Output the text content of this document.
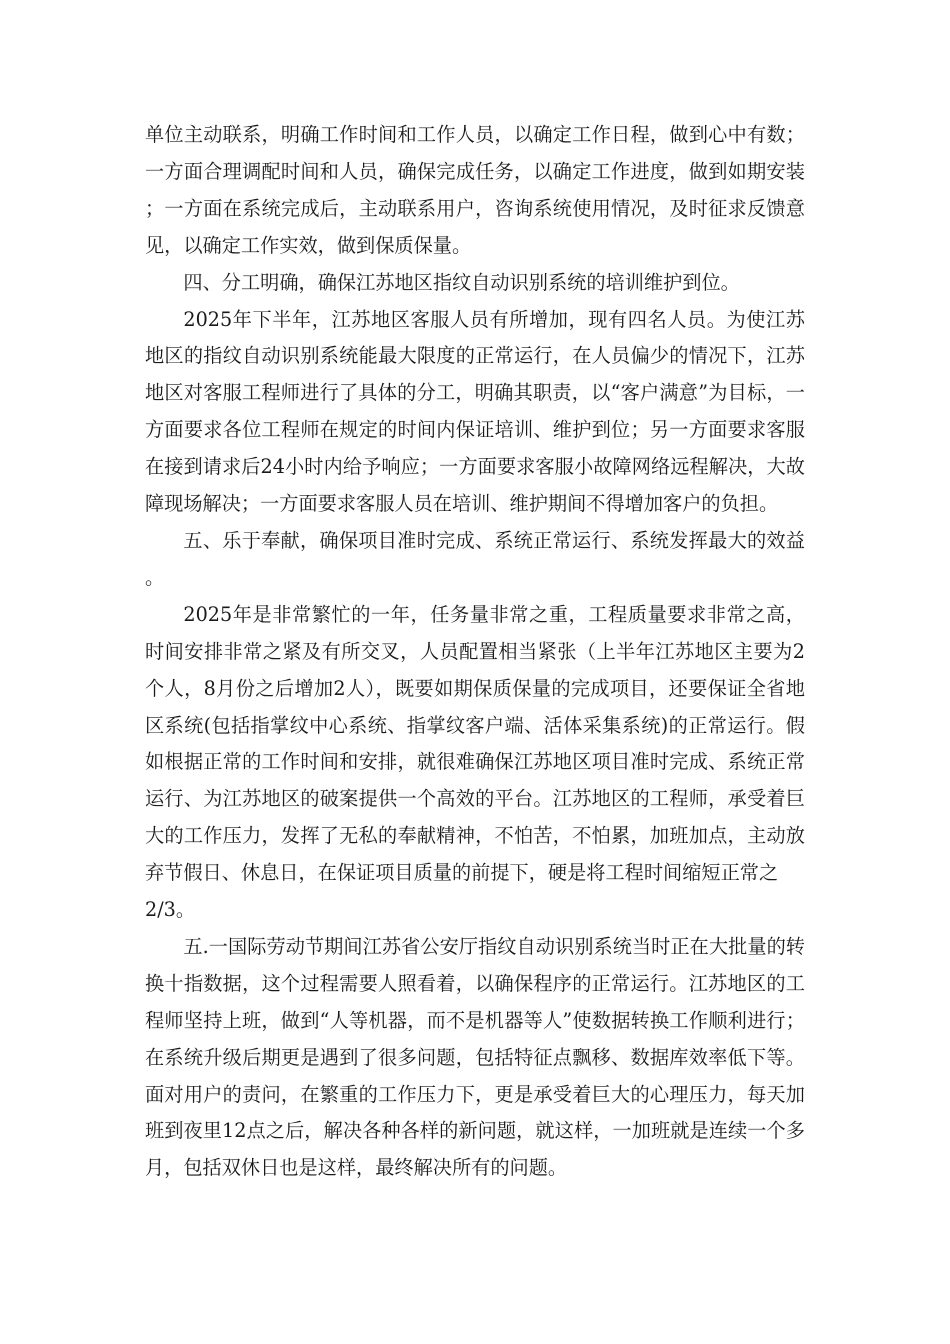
单位主动联系，明确工作时间和工作人员，以确定工作日程，做到心中有数；一方面合理调配时间和人员，确保完成任务，以确定工作进度，做到如期安装；一方面在系统完成后，主动联系用户，咨询系统使用情况，及时征求反馈意见，以确定工作实效，做到保质保量。

四、分工明确，确保江苏地区指纹自动识别系统的培训维护到位。

2025年下半年，江苏地区客服人员有所增加，现有四名人员。为使江苏地区的指纹自动识别系统能最大限度的正常运行，在人员偏少的情况下，江苏地区对客服工程师进行了具体的分工，明确其职责，以“客户满意”为目标，一方面要求各位工程师在规定的时间内保证培训、维护到位；另一方面要求客服在接到请求后24小时内给予响应；一方面要求客服小故障网络远程解决，大故障现场解决；一方面要求客服人员在培训、维护期间不得增加客户的负担。

五、乐于奉献，确保项目准时完成、系统正常运行、系统发挥最大的效益。

2025年是非常繁忙的一年，任务量非常之重，工程质量要求非常之高，时间安排非常之紧及有所交叉，人员配置相当紧张（上半年江苏地区主要为2个人，8月份之后增加2人），既要如期保质保量的完成项目，还要保证全省地区系统(包括指掌纹中心系统、指掌纹客户端、活体采集系统)的正常运行。假如根据正常的工作时间和安排，就很难确保江苏地区项目准时完成、系统正常运行、为江苏地区的破案提供一个高效的平台。江苏地区的工程师，承受着巨大的工作压力，发挥了无私的奉献精神，不怕苦，不怕累，加班加点，主动放弃节假日、休息日，在保证项目质量的前提下，硬是将工程时间缩短正常之

2/3。

五.一国际劳动节期间江苏省公安厅指纹自动识别系统当时正在大批量的转换十指数据，这个过程需要人照看着，以确保程序的正常运行。江苏地区的工程师坚持上班，做到“人等机器，而不是机器等人”使数据转换工作顺利进行；在系统升级后期更是遇到了很多问题，包括特征点飘移、数据库效率低下等。面对用户的责问，在繁重的工作压力下，更是承受着巨大的心理压力，每天加班到夜里12点之后，解决各种各样的新问题，就这样，一加班就是连续一个多月，包括双休日也是这样，最终解决所有的问题。
